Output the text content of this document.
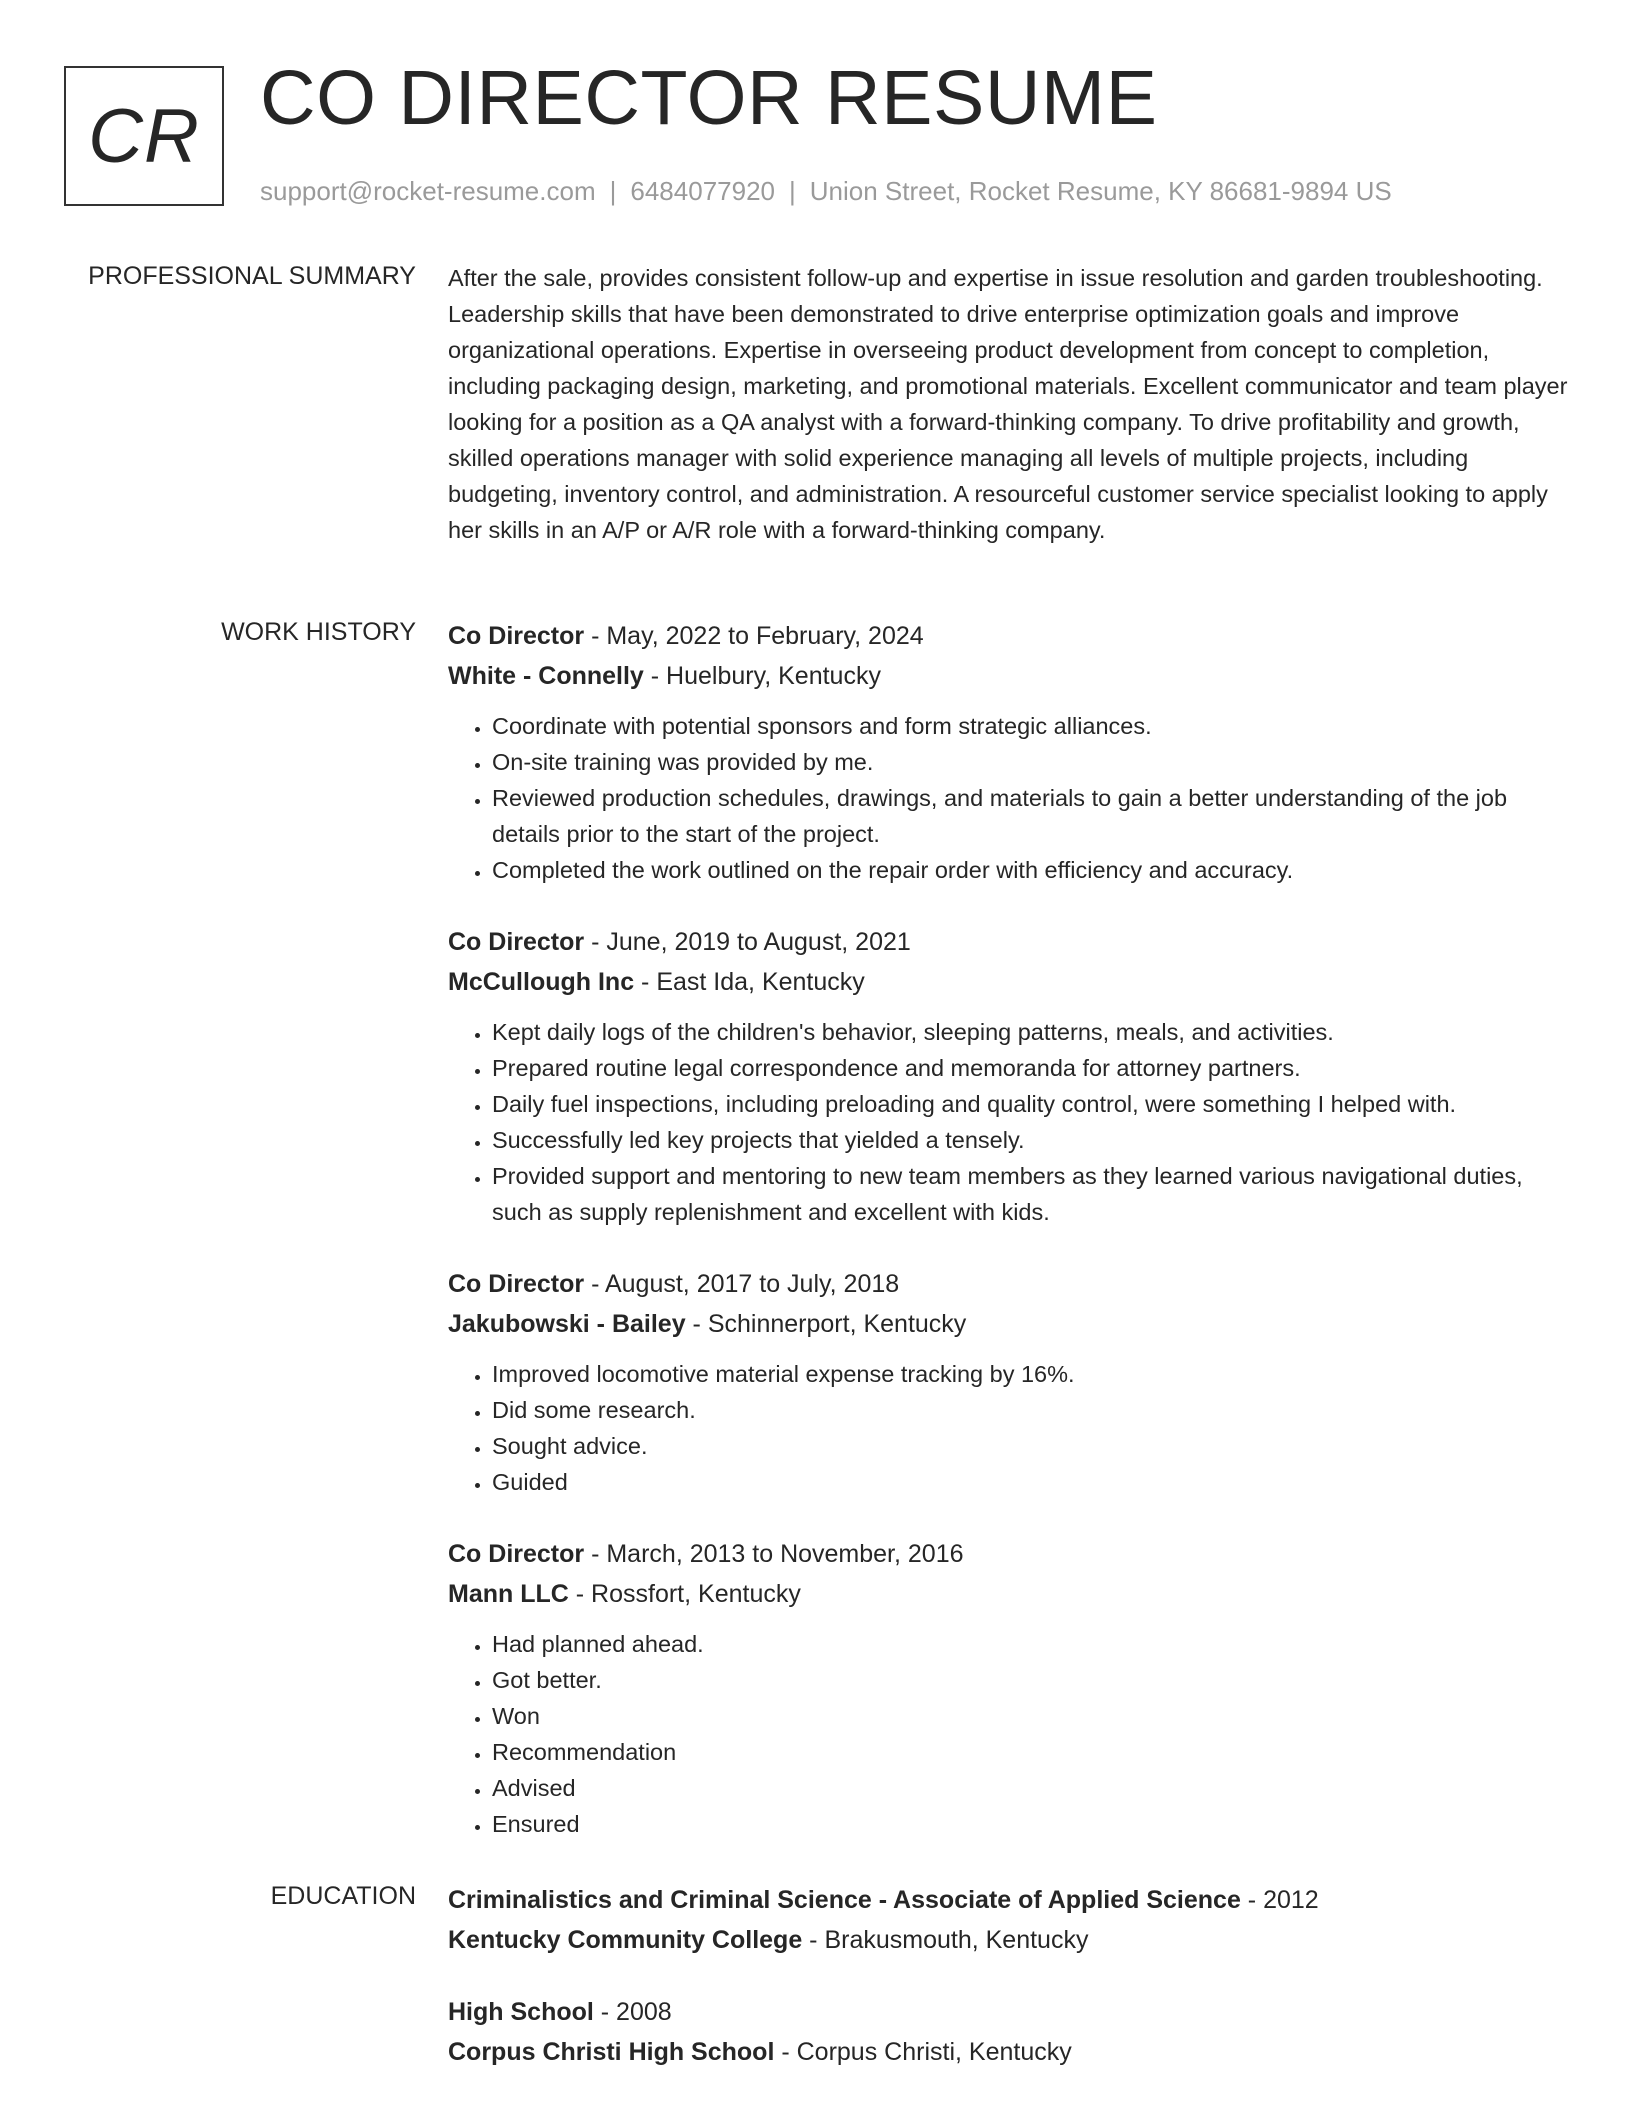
CR CO DIRECTOR RESUME
support@rocket-resume.com | 6484077920 | Union Street, Rocket Resume, KY 86681-9894 US
PROFESSIONAL SUMMARY After the sale, provides consistent follow-up and expertise in issue resolution and garden troubleshooting. Leadership skills that have been demonstrated to drive enterprise optimization goals and improve organizational operations. Expertise in overseeing product development from concept to completion, including packaging design, marketing, and promotional materials. Excellent communicator and team player looking for a position as a QA analyst with a forward-thinking company. To drive profitability and growth, skilled operations manager with solid experience managing all levels of multiple projects, including budgeting, inventory control, and administration. A resourceful customer service specialist looking to apply her skills in an A/P or A/R role with a forward-thinking company.

WORK HISTORY Co Director - May, 2022 to February, 2024
White - Connelly - Huelbury, Kentucky
• Coordinate with potential sponsors and form strategic alliances.
• On-site training was provided by me.
• Reviewed production schedules, drawings, and materials to gain a better understanding of the job details prior to the start of the project.
• Completed the work outlined on the repair order with efficiency and accuracy.
Co Director - June, 2019 to August, 2021
McCullough Inc - East Ida, Kentucky
• Kept daily logs of the children's behavior, sleeping patterns, meals, and activities.
• Prepared routine legal correspondence and memoranda for attorney partners.
• Daily fuel inspections, including preloading and quality control, were something I helped with.
• Successfully led key projects that yielded a tensely.
• Provided support and mentoring to new team members as they learned various navigational duties, such as supply replenishment and excellent with kids.
Co Director - August, 2017 to July, 2018
Jakubowski - Bailey - Schinnerport, Kentucky
• Improved locomotive material expense tracking by 16%.
• Did some research.
• Sought advice.
• Guided
Co Director - March, 2013 to November, 2016
Mann LLC - Rossfort, Kentucky
• Had planned ahead.
• Got better.
• Won
• Recommendation
• Advised
• Ensured
EDUCATION Criminalistics and Criminal Science - Associate of Applied Science - 2012
Kentucky Community College - Brakusmouth, Kentucky
High School - 2008
Corpus Christi High School - Corpus Christi, Kentucky
